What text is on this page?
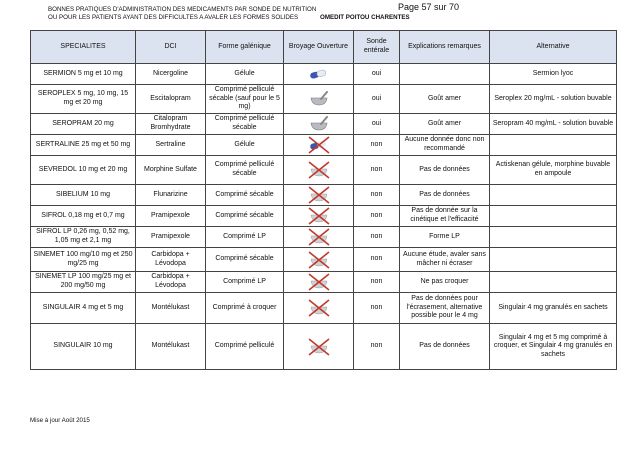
BONNES PRATIQUES D'ADMINISTRATION DES MEDICAMENTS PAR SONDE DE NUTRITION
OU POUR LES PATIENTS AYANT DES DIFFICULTES A AVALER LES FORMES SOLIDES
Page 57 sur 70
OMEDIT POITOU CHARENTES
SPECIALITES	DCI	Forme galénique	Broyage Ouverture	Sonde entérale	Explications remarques	Alternative
SERMION 5 mg et 10 mg	Nicergoline	Gélule		oui		Sermion lyoc
SEROPLEX 5 mg, 10 mg, 15 mg et 20 mg	Escitalopram	Comprimé pelliculé sécable (sauf pour le 5 mg)		oui	Goût amer	Seroplex 20 mg/mL - solution buvable
SEROPRAM 20 mg	Citalopram Bromhydrate	Comprimé pelliculé sécable		oui	Goût amer	Seropram 40 mg/mL - solution buvable
SERTRALINE 25 mg et 50 mg	Sertraline	Gélule		non	Aucune donnée donc non recommandé	
SEVREDOL 10 mg et 20 mg	Morphine Sulfate	Comprimé pelliculé sécable		non	Pas de données	Actiskenan gélule, morphine buvable en ampoule
SIBELIUM 10 mg	Flunarizine	Comprimé sécable		non	Pas de données	
SIFROL 0,18 mg et 0,7 mg	Pramipexole	Comprimé sécable		non	Pas de donnée sur la cinétique et l'efficacité	
SIFROL LP 0,26 mg, 0,52 mg, 1,05 mg et 2,1 mg	Pramipexole	Comprimé LP		non	Forme LP	
SINEMET 100 mg/10 mg et 250 mg/25 mg	Carbidopa + Lévodopa	Comprimé sécable		non	Aucune étude, avaler sans mâcher ni écraser	
SINEMET LP 100 mg/25 mg et 200 mg/50 mg	Carbidopa + Lévodopa	Comprimé LP		non	Ne pas croquer	
SINGULAIR 4 mg et 5 mg	Montélukast	Comprimé à croquer		non	Pas de données pour l'écrasement, alternative possible pour le 4 mg	Singulair 4 mg granulés en sachets
SINGULAIR 10 mg	Montélukast	Comprimé pelliculé		non	Pas de données	Singulair 4 mg et 5 mg comprimé à croquer, et Singulair 4 mg granulés en sachets
Mise à jour Août 2015
